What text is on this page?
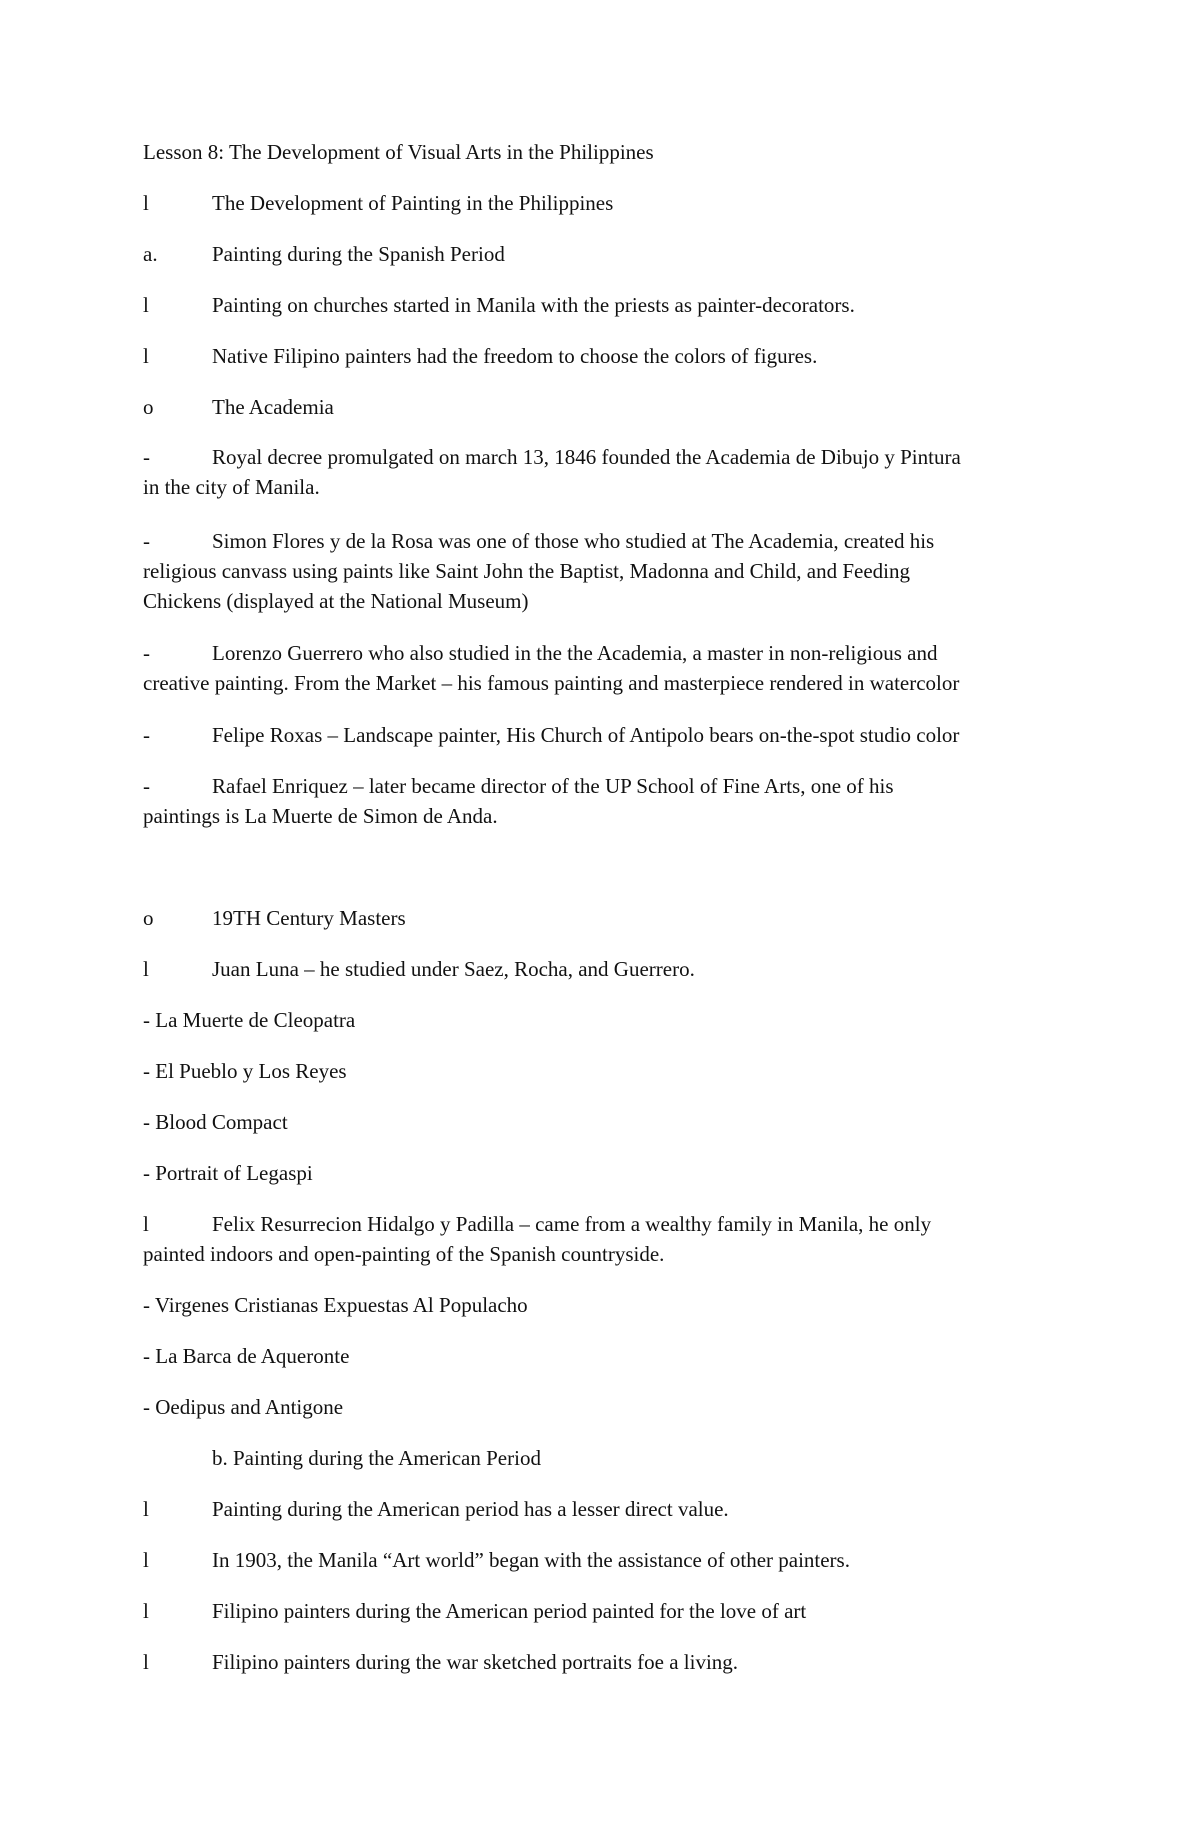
Lesson 8: The Development of Visual Arts in the Philippines
l	The Development of Painting in the Philippines
a.	Painting during the Spanish Period
l	Painting on churches started in Manila with the priests as painter-decorators.
l	Native Filipino painters had the freedom to choose the colors of figures.
o	The Academia
-	Royal decree promulgated on march 13, 1846 founded the Academia de Dibujo y Pintura
in the city of Manila.
-	Simon Flores y de la Rosa was one of those who studied at The Academia, created his
religious canvass using paints like Saint John the Baptist, Madonna and Child, and Feeding
Chickens (displayed at the National Museum)
-	Lorenzo Guerrero who also studied in the the Academia, a master in non-religious and
creative painting. From the Market – his famous painting and masterpiece rendered in watercolor
-	Felipe Roxas – Landscape painter, His Church of Antipolo bears on-the-spot studio color
-	Rafael Enriquez – later became director of the UP School of Fine Arts, one of his
paintings is La Muerte de Simon de Anda.
o	19TH Century Masters
l	Juan Luna – he studied under Saez, Rocha, and Guerrero.
- La Muerte de Cleopatra
- El Pueblo y Los Reyes
- Blood Compact
- Portrait of Legaspi
l	Felix Resurrecion Hidalgo y Padilla – came from a wealthy family in Manila, he only
painted indoors and open-painting of the Spanish countryside.
- Virgenes Cristianas Expuestas Al Populacho
- La Barca de Aqueronte
- Oedipus and Antigone
b. Painting during the American Period
l	Painting during the American period has a lesser direct value.
l	In 1903, the Manila “Art world” began with the assistance of other painters.
l	Filipino painters during the American period painted for the love of art
l	Filipino painters during the war sketched portraits foe a living.
